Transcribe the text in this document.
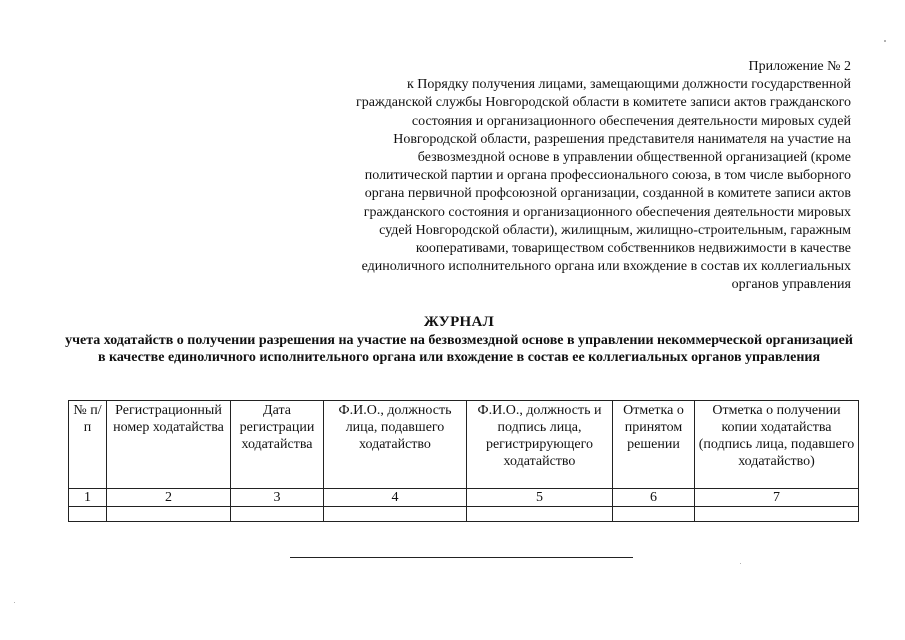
Приложение № 2
к Порядку получения лицами, замещающими должности государственной гражданской службы Новгородской области в комитете записи актов гражданского состояния и организационного обеспечения деятельности мировых судей Новгородской области, разрешения представителя нанимателя на участие на безвозмездной основе в управлении общественной организацией (кроме политической партии и органа профессионального союза, в том числе выборного органа первичной профсоюзной организации, созданной в комитете записи актов гражданского состояния и организационного обеспечения деятельности мировых судей Новгородской области), жилищным, жилищно-строительным, гаражным кооперативами, товариществом собственников недвижимости в качестве единоличного исполнительного органа или вхождение в состав их коллегиальных органов управления
ЖУРНАЛ
учета ходатайств о получении разрешения на участие на безвозмездной основе в управлении некоммерческой организацией в качестве единоличного исполнительного органа или вхождение в состав ее коллегиальных органов управления
№ п/п	Регистрационный номер ходатайства	Дата регистрации ходатайства	Ф.И.О., должность лица, подавшего ходатайство	Ф.И.О., должность и подпись лица, регистрирующего ходатайство	Отметка о принятом решении	Отметка о получении копии ходатайства (подпись лица, подавшего ходатайство)
1	2	3	4	5	6	7
